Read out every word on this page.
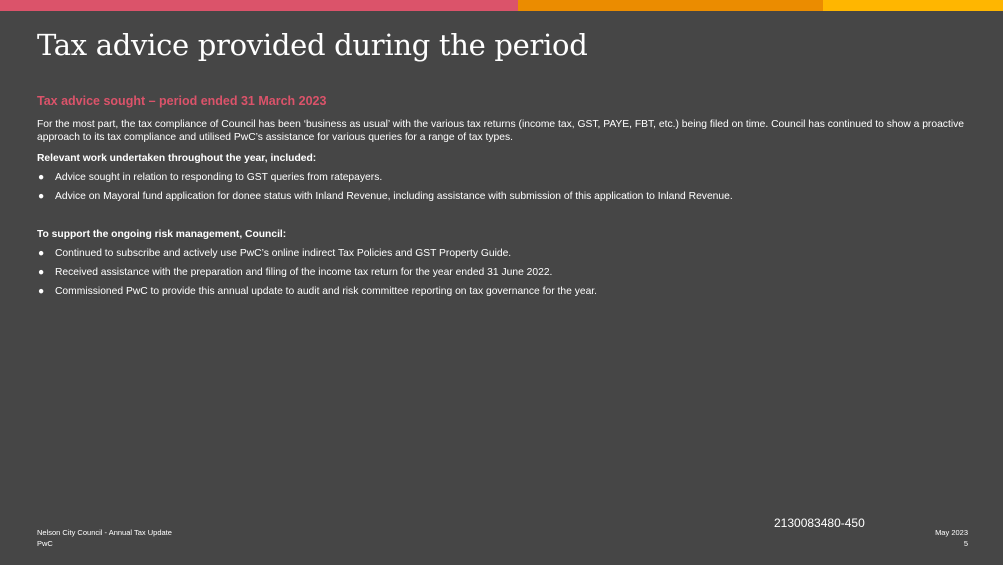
Tax advice provided during the period

Tax advice sought – period ended 31 March 2023

For the most part, the tax compliance of Council has been ‘business as usual’ with the various tax returns (income tax, GST, PAYE, FBT, etc.) being filed on time. Council has continued to show a proactive approach to its tax compliance and utilised PwC’s assistance for various queries for a range of tax types.

Relevant work undertaken throughout the year, included:

● Advice sought in relation to responding to GST queries from ratepayers.
● Advice on Mayoral fund application for donee status with Inland Revenue, including assistance with submission of this application to Inland Revenue.

To support the ongoing risk management, Council:

● Continued to subscribe and actively use PwC’s online indirect Tax Policies and GST Property Guide.
● Received assistance with the preparation and filing of the income tax return for the year ended 31 June 2022.
● Commissioned PwC to provide this annual update to audit and risk committee reporting on tax governance for the year.
2130083480-450
Nelson City Council - Annual Tax Update
PwC
May 2023
5
